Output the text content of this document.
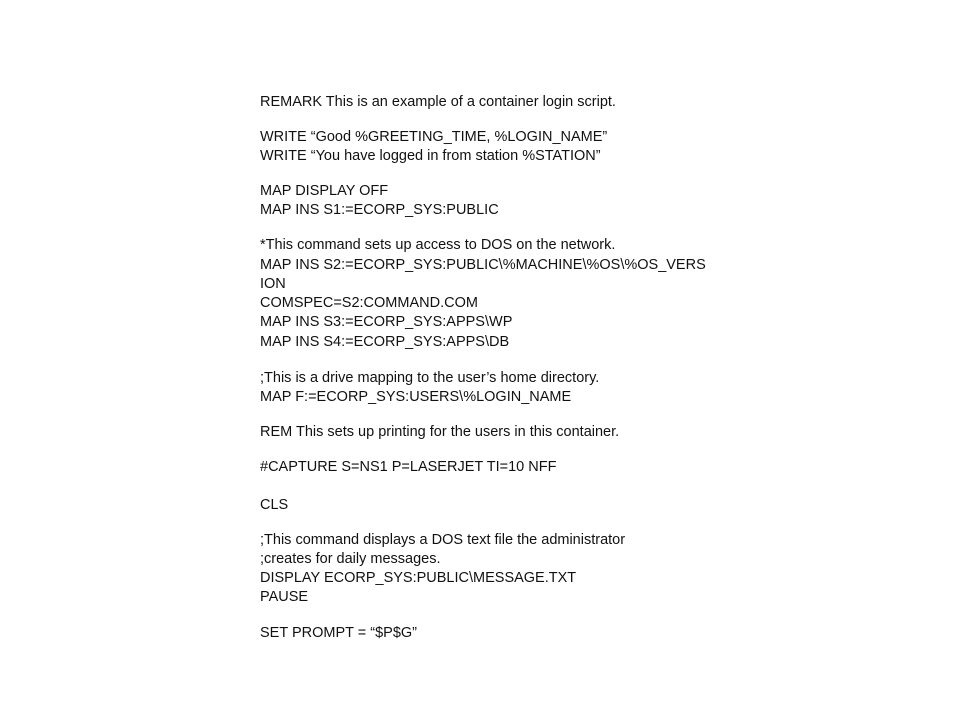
REMARK This is an example of a container login script.
WRITE “Good %GREETING_TIME, %LOGIN_NAME”
WRITE “You have logged in from station %STATION”
MAP DISPLAY OFF
MAP INS S1:=ECORP_SYS:PUBLIC
*This command sets up access to DOS on the network.
MAP INS S2:=ECORP_SYS:PUBLIC\%MACHINE\%OS\%OS_VERS
ION
COMSPEC=S2:COMMAND.COM
MAP INS S3:=ECORP_SYS:APPS\WP
MAP INS S4:=ECORP_SYS:APPS\DB
;This is a drive mapping to the user’s home directory.
MAP F:=ECORP_SYS:USERS\%LOGIN_NAME
REM This sets up printing for the users in this container.
#CAPTURE S=NS1 P=LASERJET TI=10 NFF
CLS
;This command displays a DOS text file the administrator
;creates for daily messages.
DISPLAY ECORP_SYS:PUBLIC\MESSAGE.TXT
PAUSE
SET PROMPT = “$P$G”
